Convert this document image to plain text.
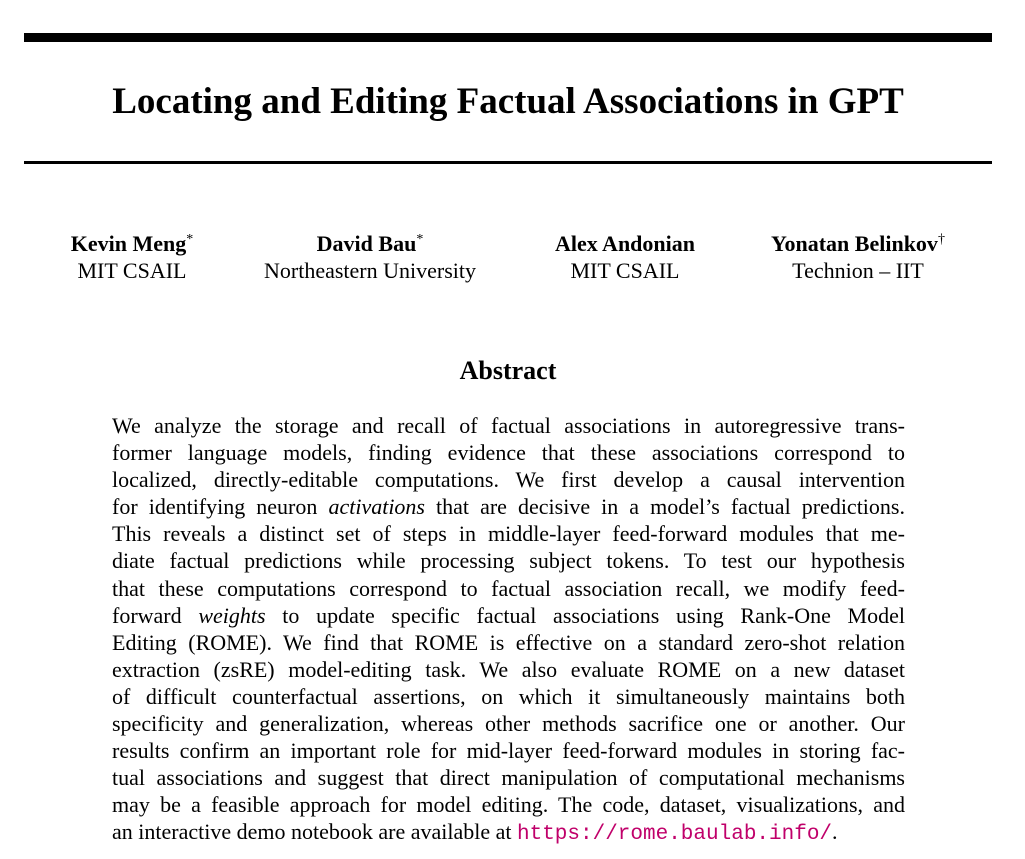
Locating and Editing Factual Associations in GPT
Kevin Meng*
MIT CSAIL
David Bau*
Northeastern University
Alex Andonian
MIT CSAIL
Yonatan Belinkov†
Technion – IIT
Abstract
We analyze the storage and recall of factual associations in autoregressive trans-
former language models, finding evidence that these associations correspond to
localized, directly-editable computations. We first develop a causal intervention
for identifying neuron activations that are decisive in a model’s factual predictions.
This reveals a distinct set of steps in middle-layer feed-forward modules that me-
diate factual predictions while processing subject tokens. To test our hypothesis
that these computations correspond to factual association recall, we modify feed-
forward weights to update specific factual associations using Rank-One Model
Editing (ROME). We find that ROME is effective on a standard zero-shot relation
extraction (zsRE) model-editing task. We also evaluate ROME on a new dataset
of difficult counterfactual assertions, on which it simultaneously maintains both
specificity and generalization, whereas other methods sacrifice one or another. Our
results confirm an important role for mid-layer feed-forward modules in storing fac-
tual associations and suggest that direct manipulation of computational mechanisms
may be a feasible approach for model editing. The code, dataset, visualizations, and
an interactive demo notebook are available at https://rome.baulab.info/.
